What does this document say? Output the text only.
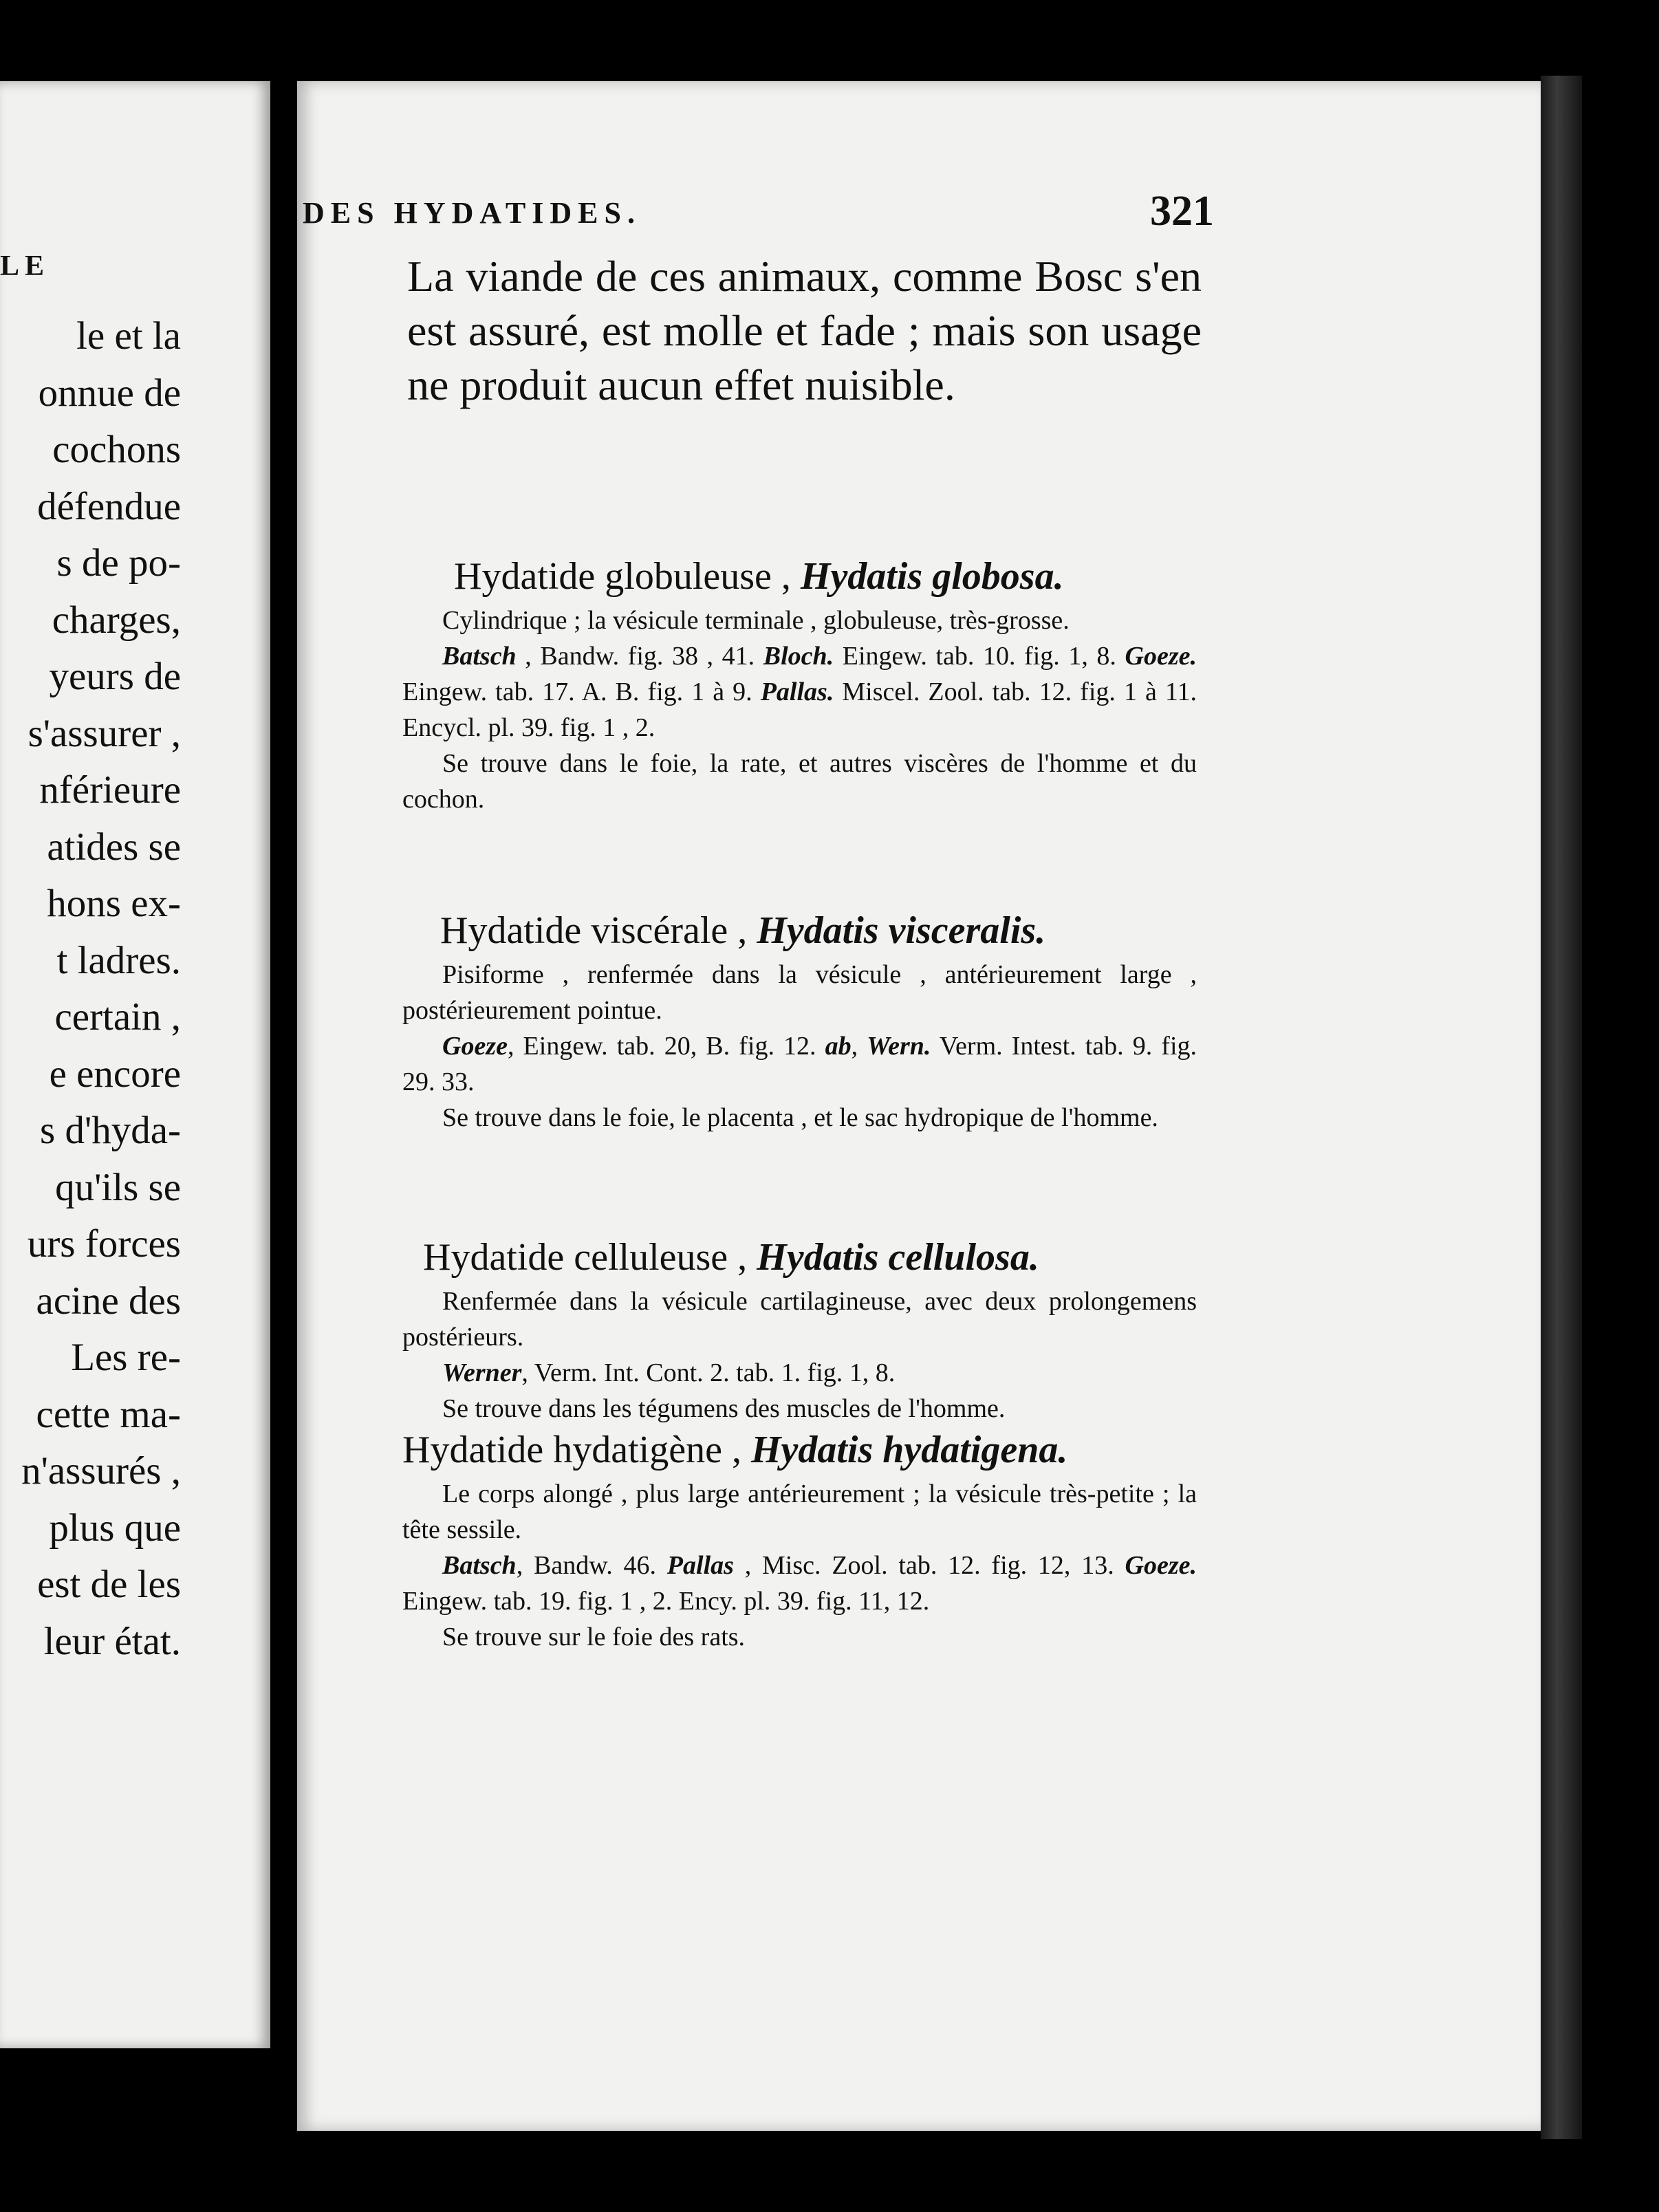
LE
le et la
onnue de
cochons
défendue
s de po-
charges,
yeurs de
s'assurer ,
nférieure
atides se
hons ex-
t ladres.
certain ,
e encore
s d'hyda-
qu'ils se
urs forces
acine des
Les re-
cette ma-
n'assurés ,
plus que
est de les
leur état.
DES HYDATIDES.	321
La viande de ces animaux, comme Bosc s'en est assuré, est molle et fade ; mais son usage ne produit aucun effet nuisible.
Hydatide globuleuse , Hydatis globosa.
Cylindrique ; la vésicule terminale , globuleuse, très-grosse.
Batsch , Bandw. fig. 38 , 41. Bloch. Eingew. tab. 10. fig. 1, 8. Goeze. Eingew. tab. 17. A. B. fig. 1 à 9. Pallas. Miscel. Zool. tab. 12. fig. 1 à 11. Encycl. pl. 39. fig. 1 , 2.
Se trouve dans le foie, la rate, et autres viscères de l'homme et du cochon.
Hydatide viscérale , Hydatis visceralis.
Pisiforme , renfermée dans la vésicule , antérieurement large , postérieurement pointue.
Goeze, Eingew. tab. 20, B. fig. 12. ab, Wern. Verm. Intest. tab. 9. fig. 29. 33.
Se trouve dans le foie, le placenta , et le sac hydropique de l'homme.
Hydatide celluleuse , Hydatis cellulosa.
Renfermée dans la vésicule cartilagineuse, avec deux prolongemens postérieurs.
Werner, Verm. Int. Cont. 2. tab. 1. fig. 1, 8.
Se trouve dans les tégumens des muscles de l'homme.
Hydatide hydatigène , Hydatis hydatigena.
Le corps alongé , plus large antérieurement ; la vésicule très-petite ; la tête sessile.
Batsch, Bandw. 46. Pallas , Misc. Zool. tab. 12. fig. 12, 13. Goeze. Eingew. tab. 19. fig. 1 , 2. Ency. pl. 39. fig. 11, 12.
Se trouve sur le foie des rats.
